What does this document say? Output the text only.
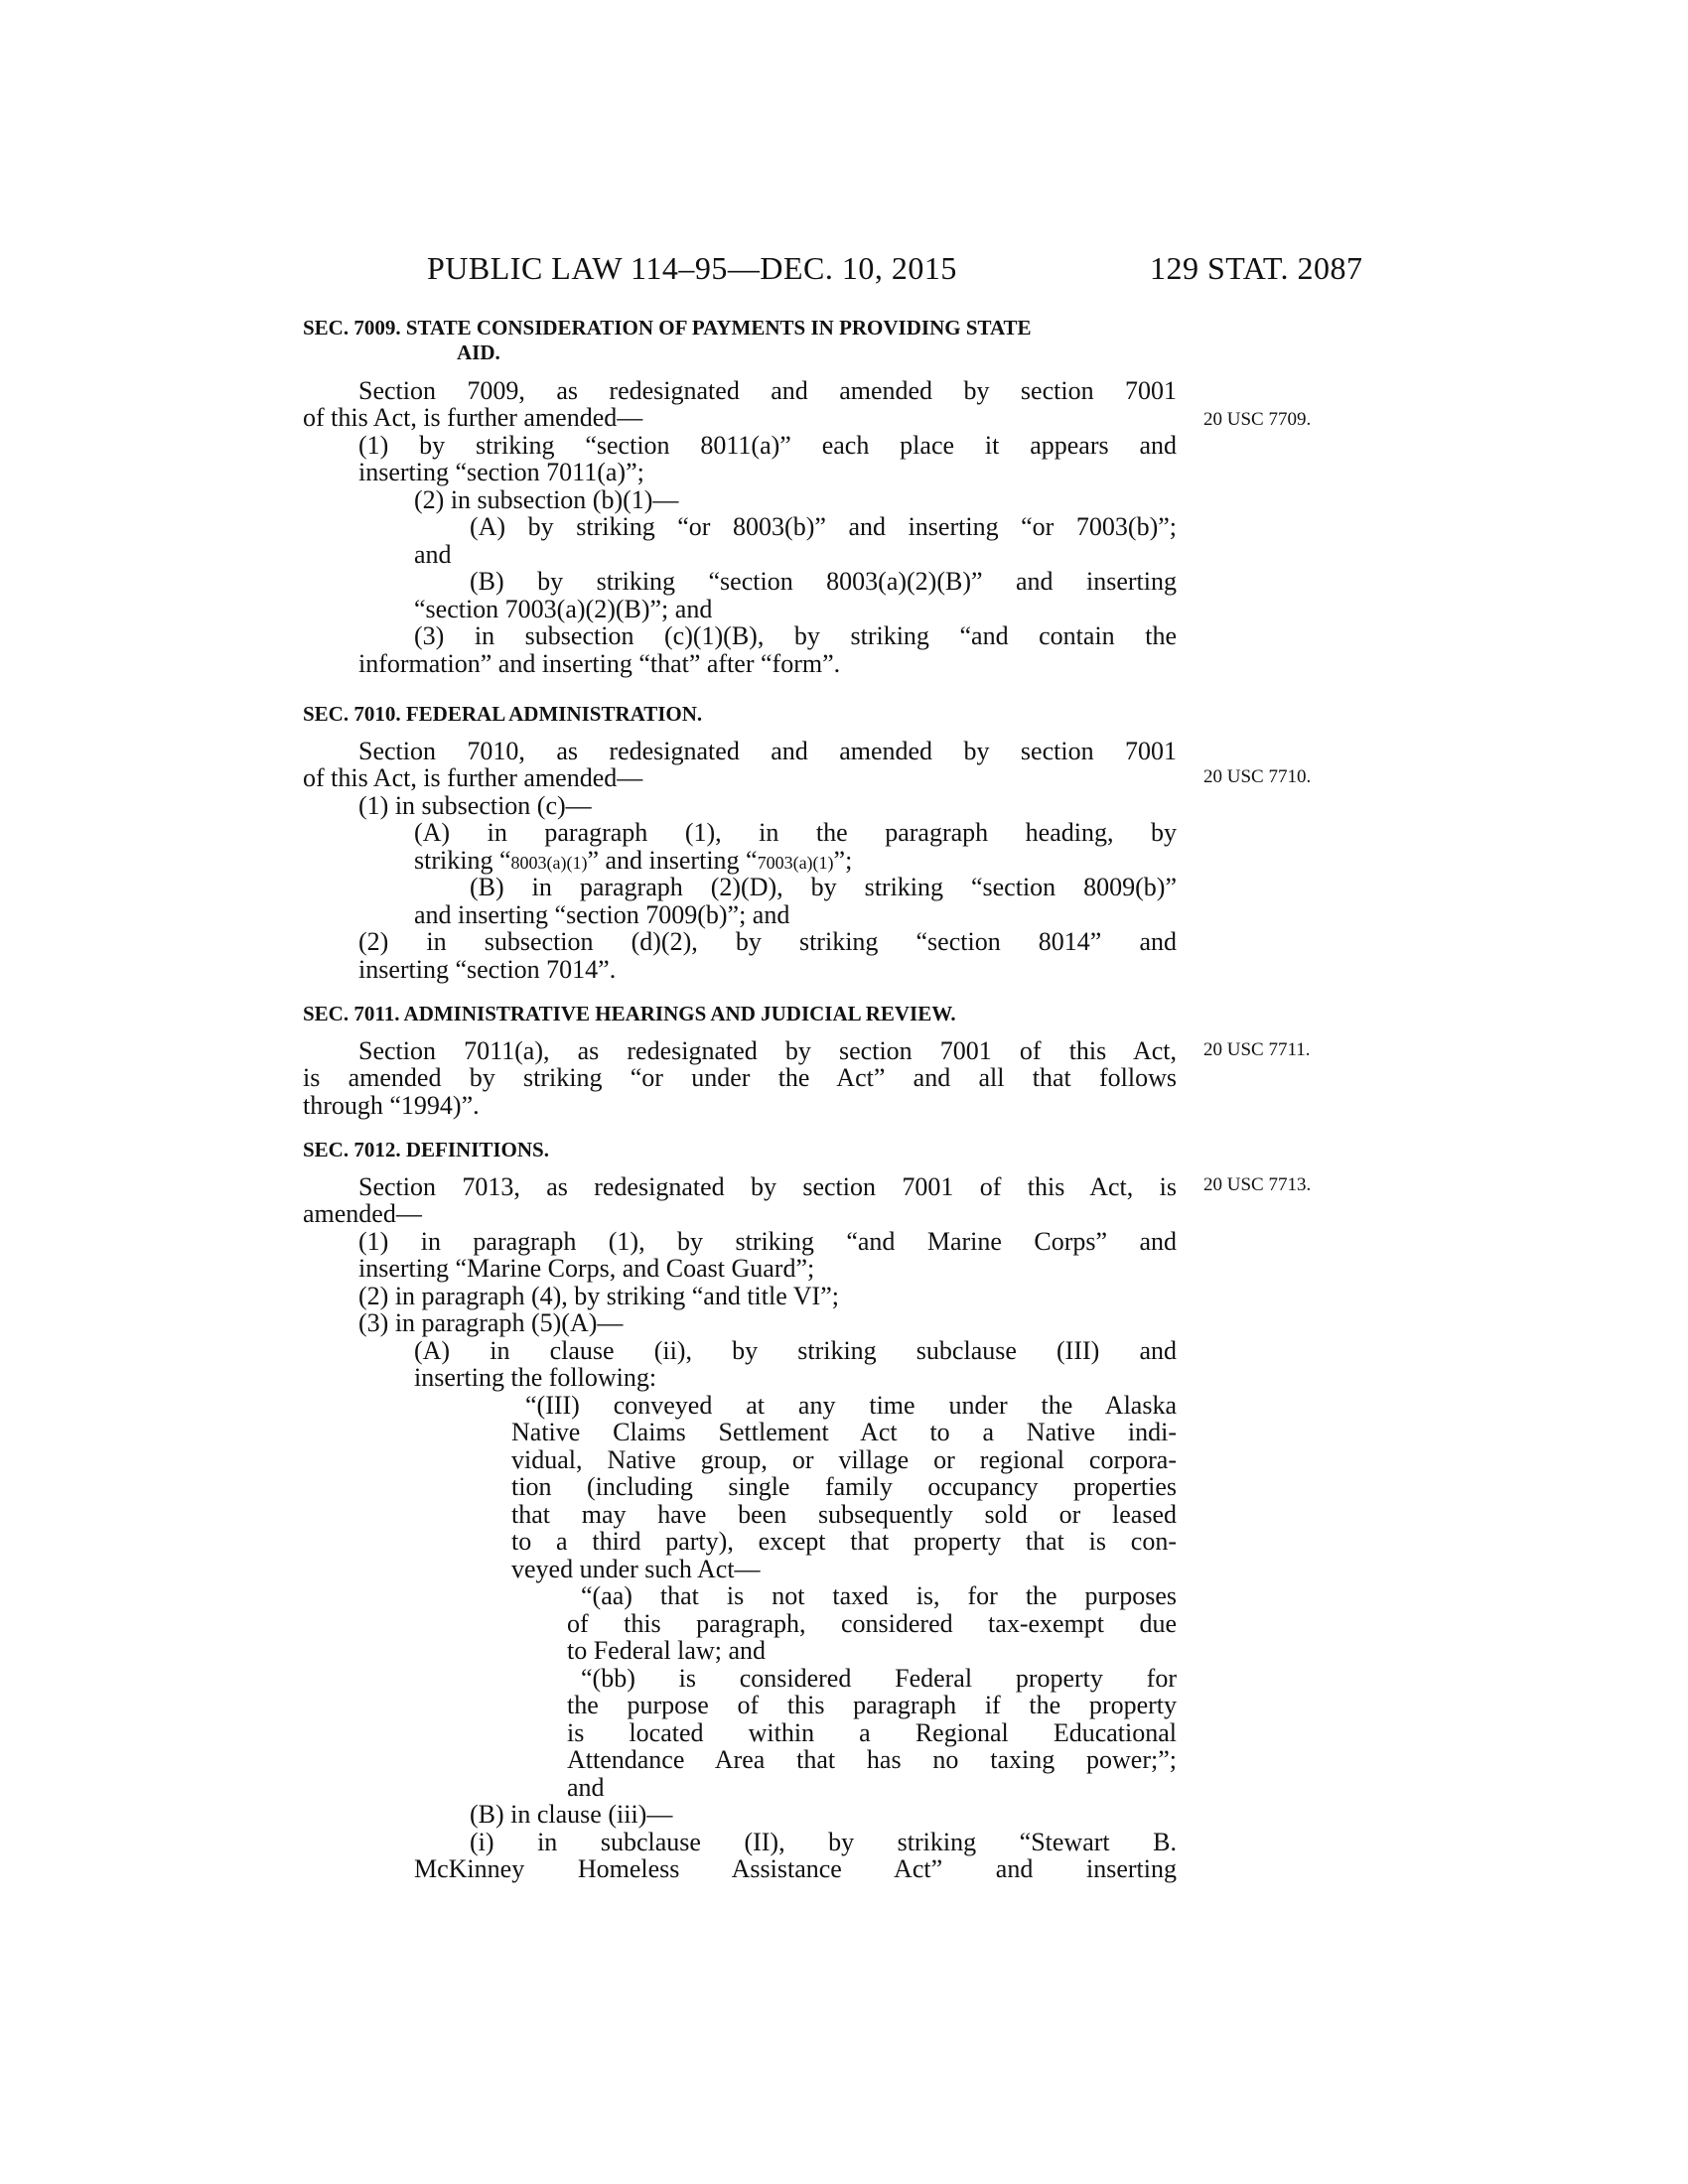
PUBLIC LAW 114–95—DEC. 10, 2015	129 STAT. 2087
SEC. 7009. STATE CONSIDERATION OF PAYMENTS IN PROVIDING STATE
AID.
Section 7009, as redesignated and amended by section 7001
of this Act, is further amended—
(1) by striking “section 8011(a)” each place it appears and
inserting “section 7011(a)”;
(2) in subsection (b)(1)—
(A) by striking “or 8003(b)” and inserting “or 7003(b)”;
and
(B) by striking “section 8003(a)(2)(B)” and inserting
“section 7003(a)(2)(B)”; and
(3) in subsection (c)(1)(B), by striking “and contain the
information” and inserting “that” after “form”.
20 USC 7709.
SEC. 7010. FEDERAL ADMINISTRATION.
Section 7010, as redesignated and amended by section 7001
of this Act, is further amended—
(1) in subsection (c)—
(A) in paragraph (1), in the paragraph heading, by
striking “8003(a)(1)” and inserting “7003(a)(1)”;
(B) in paragraph (2)(D), by striking “section 8009(b)”
and inserting “section 7009(b)”; and
(2) in subsection (d)(2), by striking “section 8014” and
inserting “section 7014”.
20 USC 7710.
SEC. 7011. ADMINISTRATIVE HEARINGS AND JUDICIAL REVIEW.
Section 7011(a), as redesignated by section 7001 of this Act,
is amended by striking “or under the Act” and all that follows
through “1994)”.
20 USC 7711.
SEC. 7012. DEFINITIONS.
Section 7013, as redesignated by section 7001 of this Act, is
amended—
(1) in paragraph (1), by striking “and Marine Corps” and
inserting “Marine Corps, and Coast Guard”;
(2) in paragraph (4), by striking “and title VI”;
(3) in paragraph (5)(A)—
(A) in clause (ii), by striking subclause (III) and
inserting the following:
“(III) conveyed at any time under the Alaska
Native Claims Settlement Act to a Native indi-
vidual, Native group, or village or regional corpora-
tion (including single family occupancy properties
that may have been subsequently sold or leased
to a third party), except that property that is con-
veyed under such Act—
“(aa) that is not taxed is, for the purposes
of this paragraph, considered tax-exempt due
to Federal law; and
“(bb) is considered Federal property for
the purpose of this paragraph if the property
is located within a Regional Educational
Attendance Area that has no taxing power;”;
and
(B) in clause (iii)—
(i) in subclause (II), by striking “Stewart B.
McKinney Homeless Assistance Act” and inserting
20 USC 7713.
